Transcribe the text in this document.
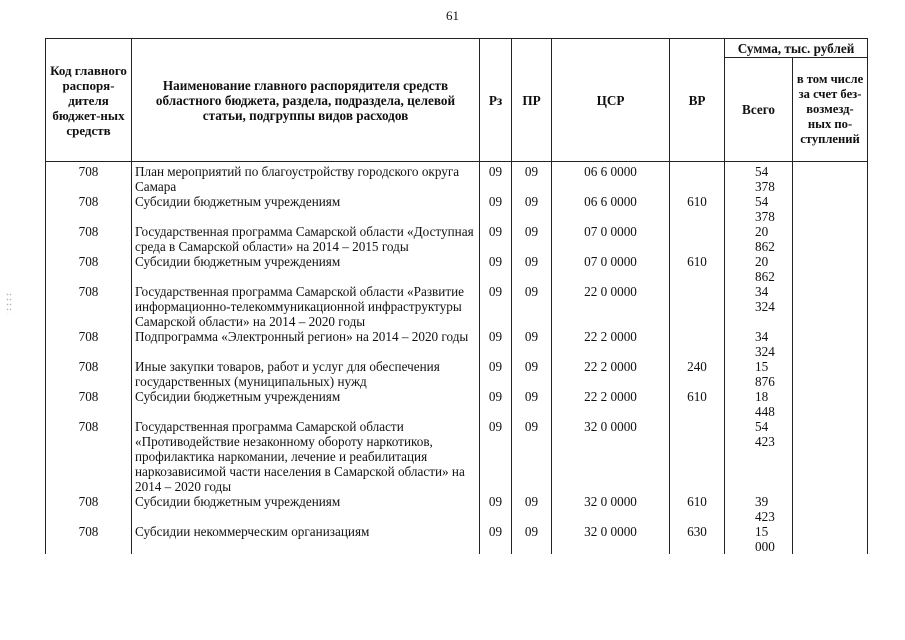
61
Код главного распоря-дителя бюджет-ных средств	Наименование главного распорядителя средств областного бюджета, раздела, подраздела, целевой статьи, подгруппы видов расходов	Рз	ПР	ЦСР	ВР	Сумма, тыс. рублей	
						Всего	в том числе за счет без-возмезд-ных по-ступлений
708	План мероприятий по благоустройству городского округа Самара	09	09	06 6 0000		54 378	
708	Субсидии бюджетным учреждениям	09	09	06 6 0000	610	54 378	
708	Государственная программа Самарской области «Доступная среда в Самарской области» на 2014 – 2015 годы	09	09	07 0 0000		20 862	
708	Субсидии бюджетным учреждениям	09	09	07 0 0000	610	20 862	
708	Государственная программа Самарской области «Развитие информационно-телекоммуникационной инфраструктуры Самарской области» на 2014 – 2020 годы	09	09	22 0 0000		34 324	
708	Подпрограмма «Электронный регион» на 2014 – 2020 годы	09	09	22 2 0000		34 324	
708	Иные закупки товаров, работ и услуг для обеспечения государственных (муниципальных) нужд	09	09	22 2 0000	240	15 876	
708	Субсидии бюджетным учреждениям	09	09	22 2 0000	610	18 448	
708	Государственная программа Самарской области «Противодействие незаконному обороту наркотиков, профилактика наркомании, лечение и реабилитация наркозависимой части населения в Самарской области» на 2014 – 2020 годы	09	09	32 0 0000		54 423	
708	Субсидии бюджетным учреждениям	09	09	32 0 0000	610	39 423	
708	Субсидии некоммерческим организациям	09	09	32 0 0000	630	15 000	
